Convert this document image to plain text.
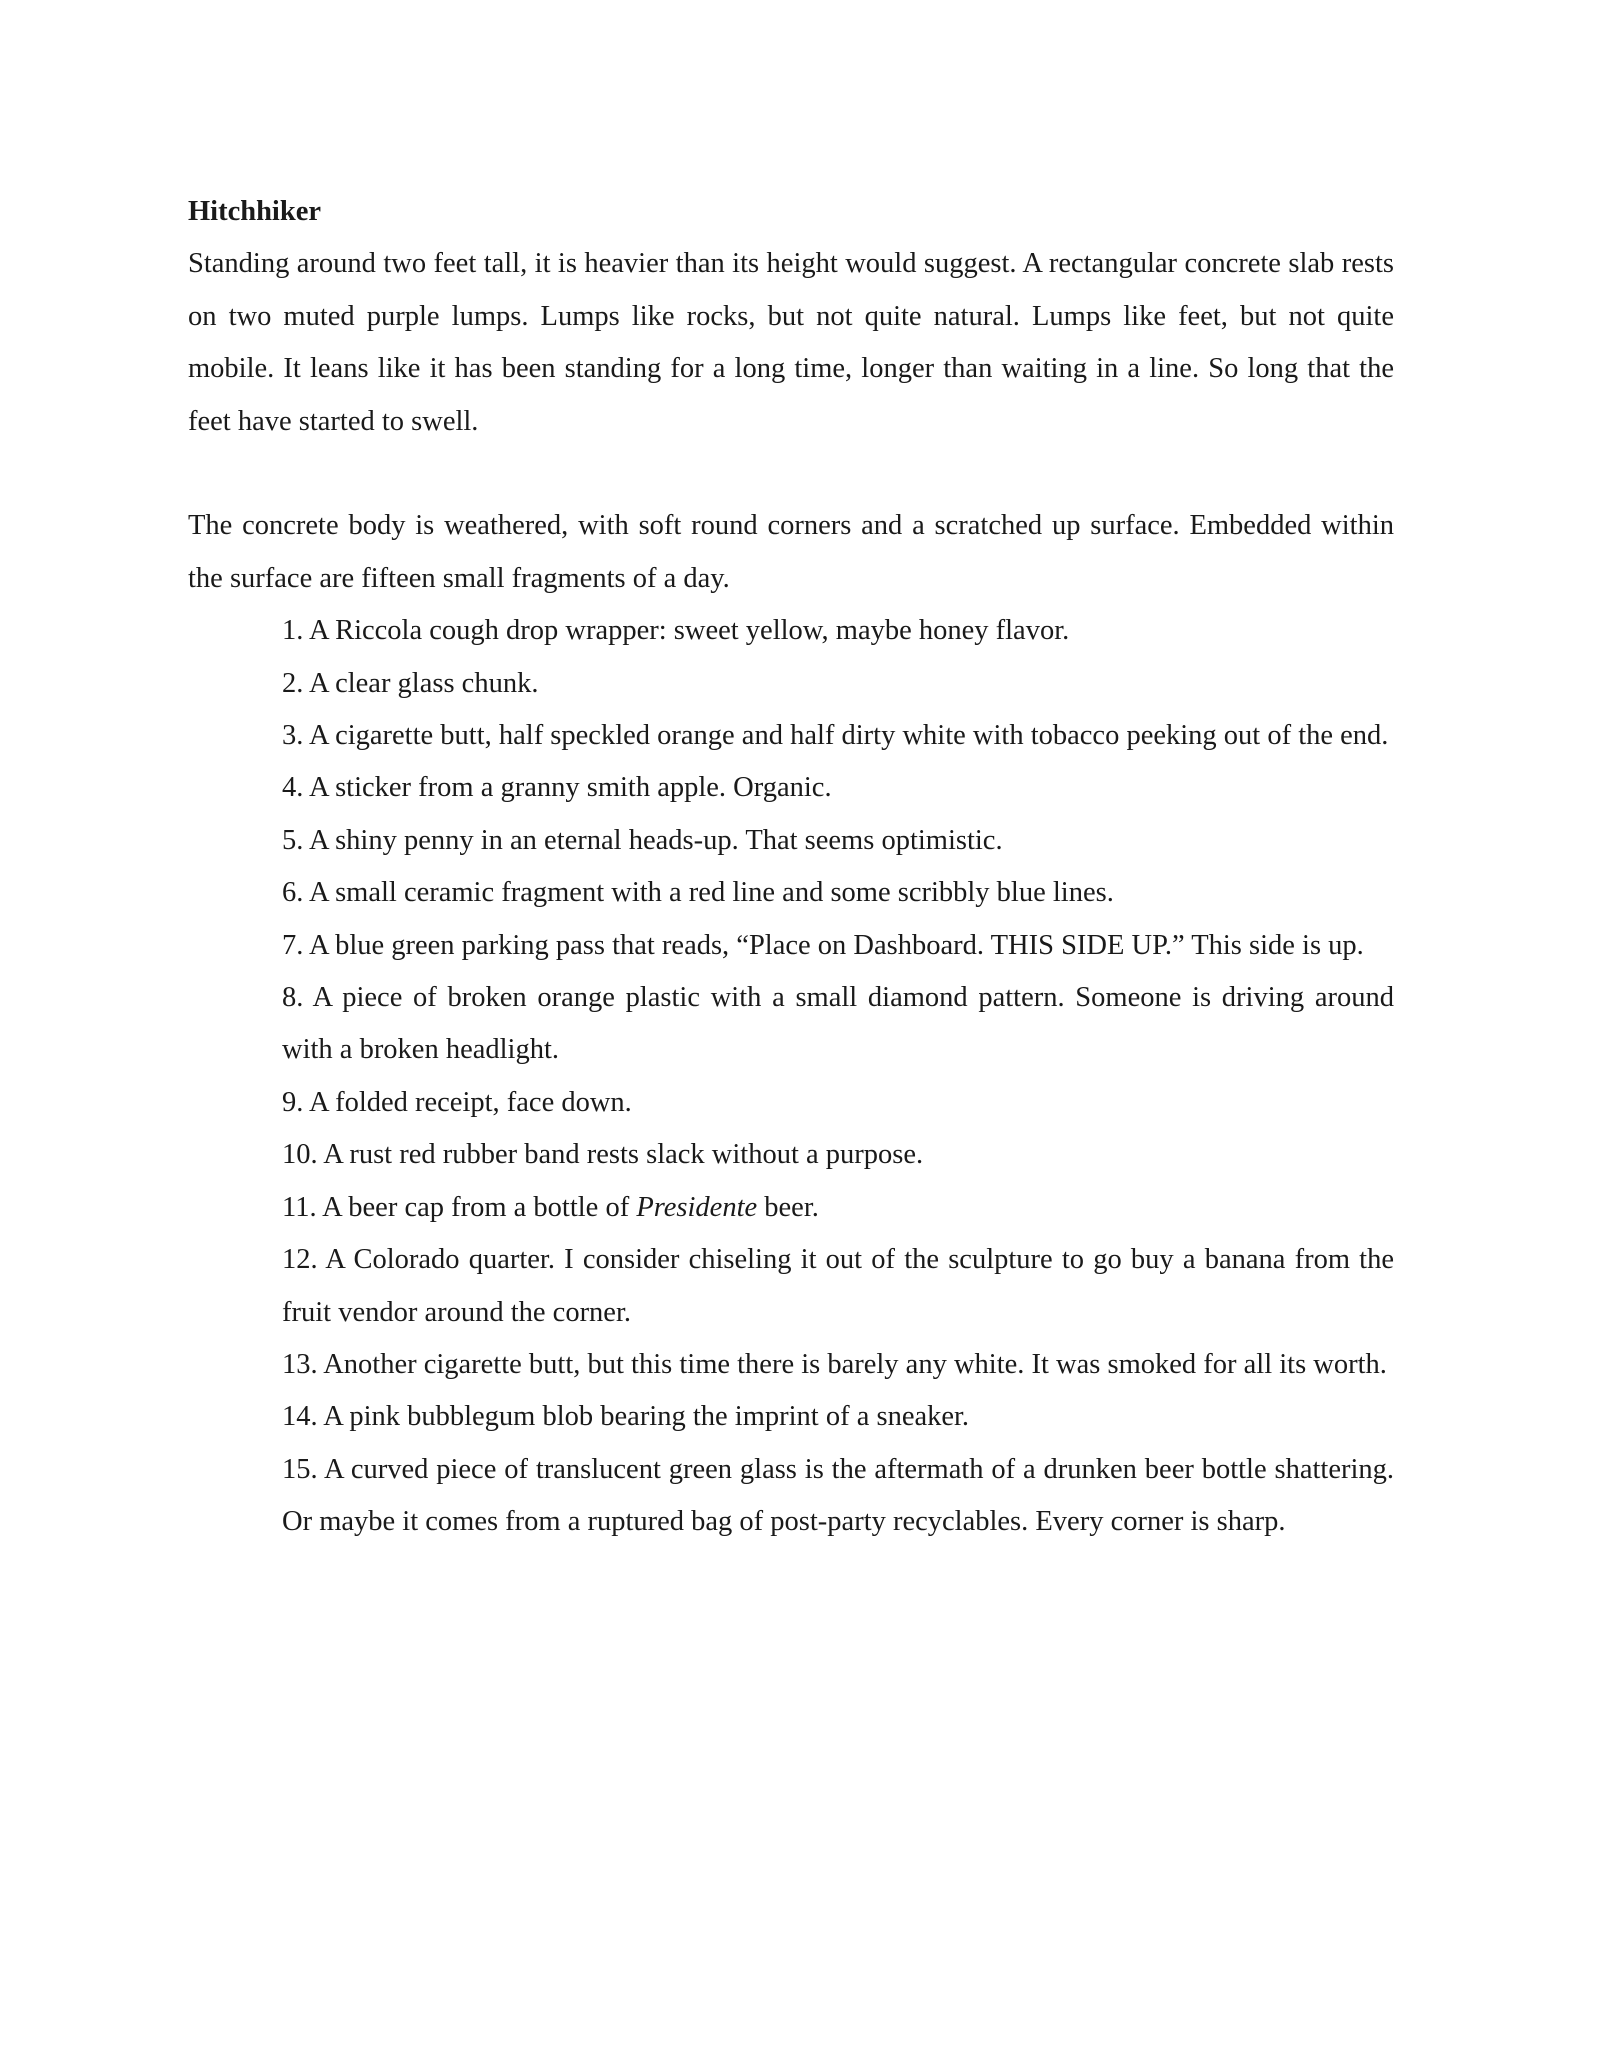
Hitchhiker

Standing around two feet tall, it is heavier than its height would suggest. A rectangular concrete slab rests on two muted purple lumps. Lumps like rocks, but not quite natural. Lumps like feet, but not quite mobile. It leans like it has been standing for a long time, longer than waiting in a line. So long that the feet have started to swell.

The concrete body is weathered, with soft round corners and a scratched up surface. Embedded within the surface are fifteen small fragments of a day.

1. A Riccola cough drop wrapper: sweet yellow, maybe honey flavor.
2. A clear glass chunk.
3. A cigarette butt, half speckled orange and half dirty white with tobacco peeking out of the end.
4. A sticker from a granny smith apple. Organic.
5. A shiny penny in an eternal heads-up. That seems optimistic.
6. A small ceramic fragment with a red line and some scribbly blue lines.
7. A blue green parking pass that reads, “Place on Dashboard. THIS SIDE UP.” This side is up.
8. A piece of broken orange plastic with a small diamond pattern. Someone is driving around with a broken headlight.
9. A folded receipt, face down.
10. A rust red rubber band rests slack without a purpose.
11. A beer cap from a bottle of Presidente beer.
12. A Colorado quarter. I consider chiseling it out of the sculpture to go buy a banana from the fruit vendor around the corner.
13. Another cigarette butt, but this time there is barely any white. It was smoked for all its worth.
14. A pink bubblegum blob bearing the imprint of a sneaker.
15. A curved piece of translucent green glass is the aftermath of a drunken beer bottle shattering. Or maybe it comes from a ruptured bag of post-party recyclables. Every corner is sharp.
